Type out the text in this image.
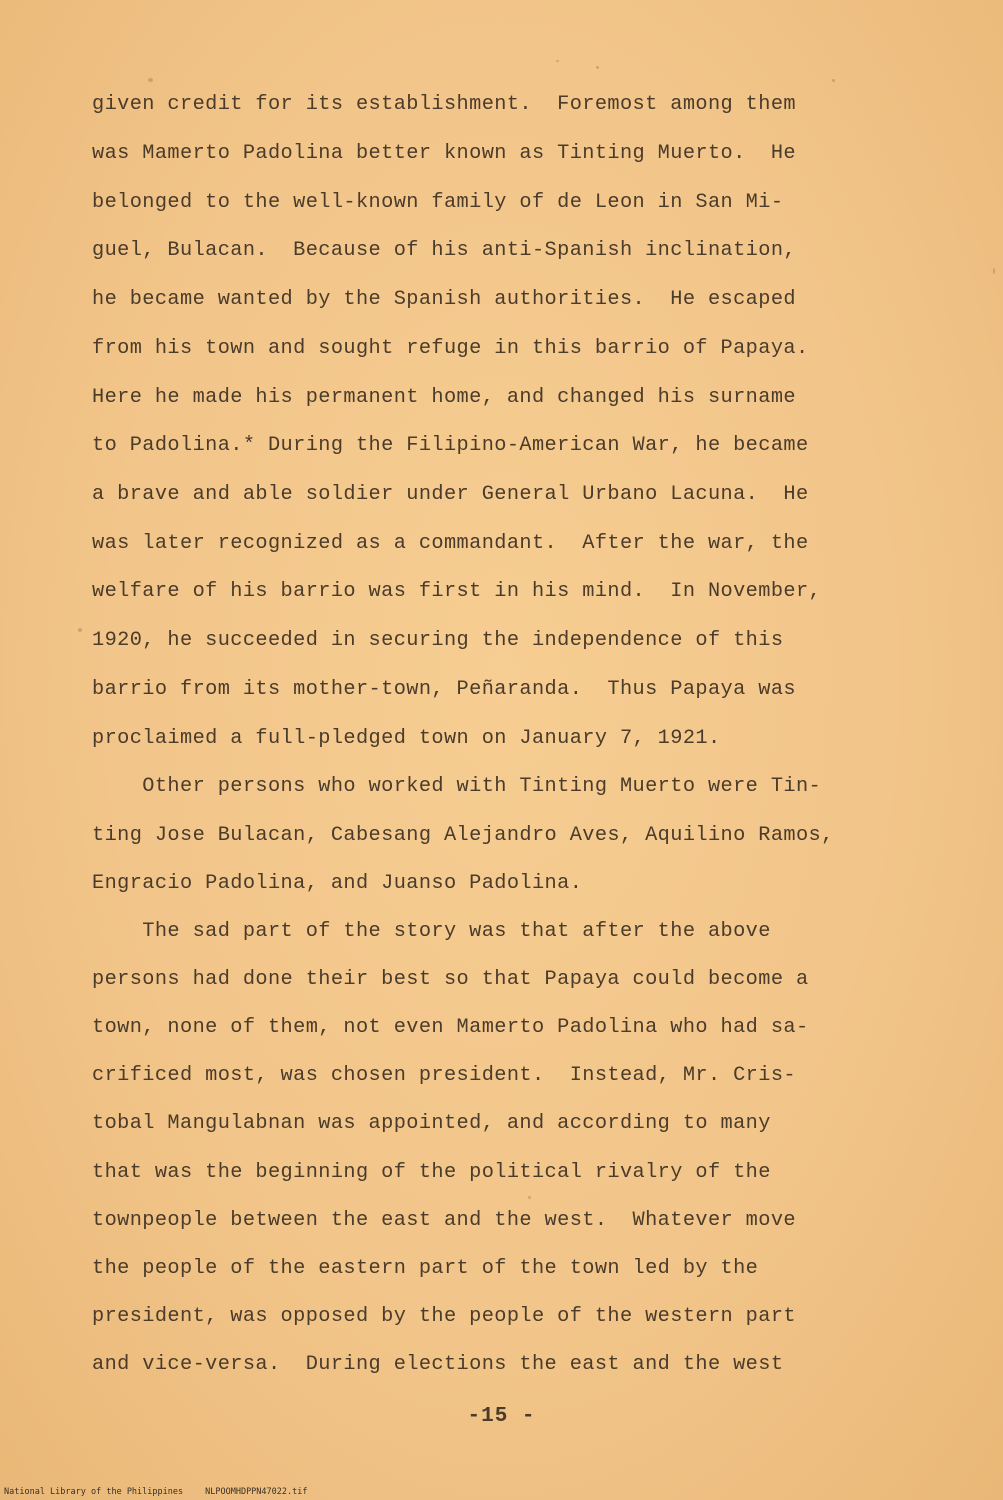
given credit for its establishment.  Foremost among them
was Mamerto Padolina better known as Tinting Muerto.  He
belonged to the well-known family of de Leon in San Mi-
guel, Bulacan.  Because of his anti-Spanish inclination,
he became wanted by the Spanish authorities.  He escaped
from his town and sought refuge in this barrio of Papaya.
Here he made his permanent home, and changed his surname
to Padolina.* During the Filipino-American War, he became
a brave and able soldier under General Urbano Lacuna.  He
was later recognized as a commandant.  After the war, the
welfare of his barrio was first in his mind.  In November,
1920, he succeeded in securing the independence of this
barrio from its mother-town, Peñaranda.  Thus Papaya was
proclaimed a full-pledged town on January 7, 1921.
Other persons who worked with Tinting Muerto were Tin-
ting Jose Bulacan, Cabesang Alejandro Aves, Aquilino Ramos,
Engracio Padolina, and Juanso Padolina.
The sad part of the story was that after the above
persons had done their best so that Papaya could become a
town, none of them, not even Mamerto Padolina who had sa-
crificed most, was chosen president.  Instead, Mr. Cris-
tobal Mangulabnan was appointed, and according to many
that was the beginning of the political rivalry of the
townpeople between the east and the west.  Whatever move
the people of the eastern part of the town led by the
president, was opposed by the people of the western part
and vice-versa.  During elections the east and the west
-15 -
National Library of the Philippines	NLPOOMHDPPN47022.tif
